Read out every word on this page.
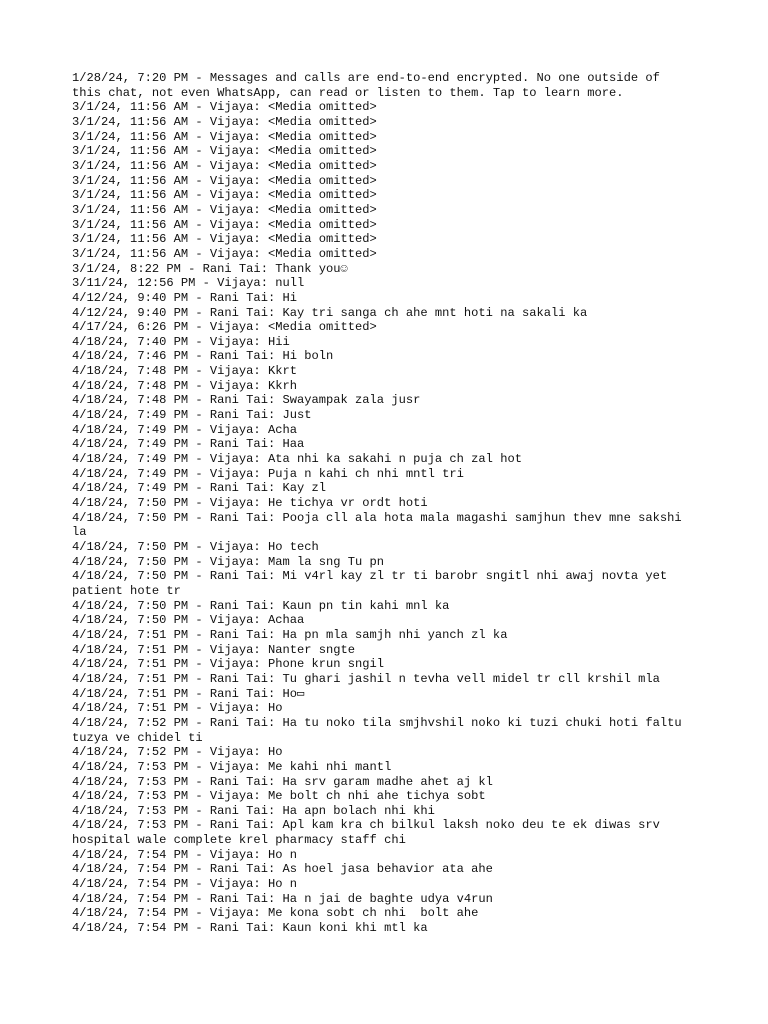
1/28/24, 7:20 PM - Messages and calls are end-to-end encrypted. No one outside of this chat, not even WhatsApp, can read or listen to them. Tap to learn more.
3/1/24, 11:56 AM - Vijaya: <Media omitted>
3/1/24, 11:56 AM - Vijaya: <Media omitted>
3/1/24, 11:56 AM - Vijaya: <Media omitted>
3/1/24, 11:56 AM - Vijaya: <Media omitted>
3/1/24, 11:56 AM - Vijaya: <Media omitted>
3/1/24, 11:56 AM - Vijaya: <Media omitted>
3/1/24, 11:56 AM - Vijaya: <Media omitted>
3/1/24, 11:56 AM - Vijaya: <Media omitted>
3/1/24, 11:56 AM - Vijaya: <Media omitted>
3/1/24, 11:56 AM - Vijaya: <Media omitted>
3/1/24, 11:56 AM - Vijaya: <Media omitted>
3/1/24, 8:22 PM - Rani Tai: Thank you☺
3/11/24, 12:56 PM - Vijaya: null
4/12/24, 9:40 PM - Rani Tai: Hi
4/12/24, 9:40 PM - Rani Tai: Kay tri sanga ch ahe mnt hoti na sakali ka
4/17/24, 6:26 PM - Vijaya: <Media omitted>
4/18/24, 7:40 PM - Vijaya: Hii
4/18/24, 7:46 PM - Rani Tai: Hi boln
4/18/24, 7:48 PM - Vijaya: Kkrt
4/18/24, 7:48 PM - Vijaya: Kkrh
4/18/24, 7:48 PM - Rani Tai: Swayampak zala jusr
4/18/24, 7:49 PM - Rani Tai: Just
4/18/24, 7:49 PM - Vijaya: Acha
4/18/24, 7:49 PM - Rani Tai: Haa
4/18/24, 7:49 PM - Vijaya: Ata nhi ka sakahi n puja ch zal hot
4/18/24, 7:49 PM - Vijaya: Puja n kahi ch nhi mntl tri
4/18/24, 7:49 PM - Rani Tai: Kay zl
4/18/24, 7:50 PM - Vijaya: He tichya vr ordt hoti
4/18/24, 7:50 PM - Rani Tai: Pooja cll ala hota mala magashi samjhun thev mne sakshi la
4/18/24, 7:50 PM - Vijaya: Ho tech
4/18/24, 7:50 PM - Vijaya: Mam la sng Tu pn
4/18/24, 7:50 PM - Rani Tai: Mi v4rl kay zl tr ti barobr sngitl nhi awaj novta yet patient hote tr
4/18/24, 7:50 PM - Rani Tai: Kaun pn tin kahi mnl ka
4/18/24, 7:50 PM - Vijaya: Achaa
4/18/24, 7:51 PM - Rani Tai: Ha pn mla samjh nhi yanch zl ka
4/18/24, 7:51 PM - Vijaya: Nanter sngte
4/18/24, 7:51 PM - Vijaya: Phone krun sngil
4/18/24, 7:51 PM - Rani Tai: Tu ghari jashil n tevha vell midel tr cll krshil mla
4/18/24, 7:51 PM - Rani Tai: Ho▭
4/18/24, 7:51 PM - Vijaya: Ho
4/18/24, 7:52 PM - Rani Tai: Ha tu noko tila smjhvshil noko ki tuzi chuki hoti faltu tuzya ve chidel ti
4/18/24, 7:52 PM - Vijaya: Ho
4/18/24, 7:53 PM - Vijaya: Me kahi nhi mantl
4/18/24, 7:53 PM - Rani Tai: Ha srv garam madhe ahet aj kl
4/18/24, 7:53 PM - Vijaya: Me bolt ch nhi ahe tichya sobt
4/18/24, 7:53 PM - Rani Tai: Ha apn bolach nhi khi
4/18/24, 7:53 PM - Rani Tai: Apl kam kra ch bilkul laksh noko deu te ek diwas srv hospital wale complete krel pharmacy staff chi
4/18/24, 7:54 PM - Vijaya: Ho n
4/18/24, 7:54 PM - Rani Tai: As hoel jasa behavior ata ahe
4/18/24, 7:54 PM - Vijaya: Ho n
4/18/24, 7:54 PM - Rani Tai: Ha n jai de baghte udya v4run
4/18/24, 7:54 PM - Vijaya: Me kona sobt ch nhi  bolt ahe
4/18/24, 7:54 PM - Rani Tai: Kaun koni khi mtl ka
